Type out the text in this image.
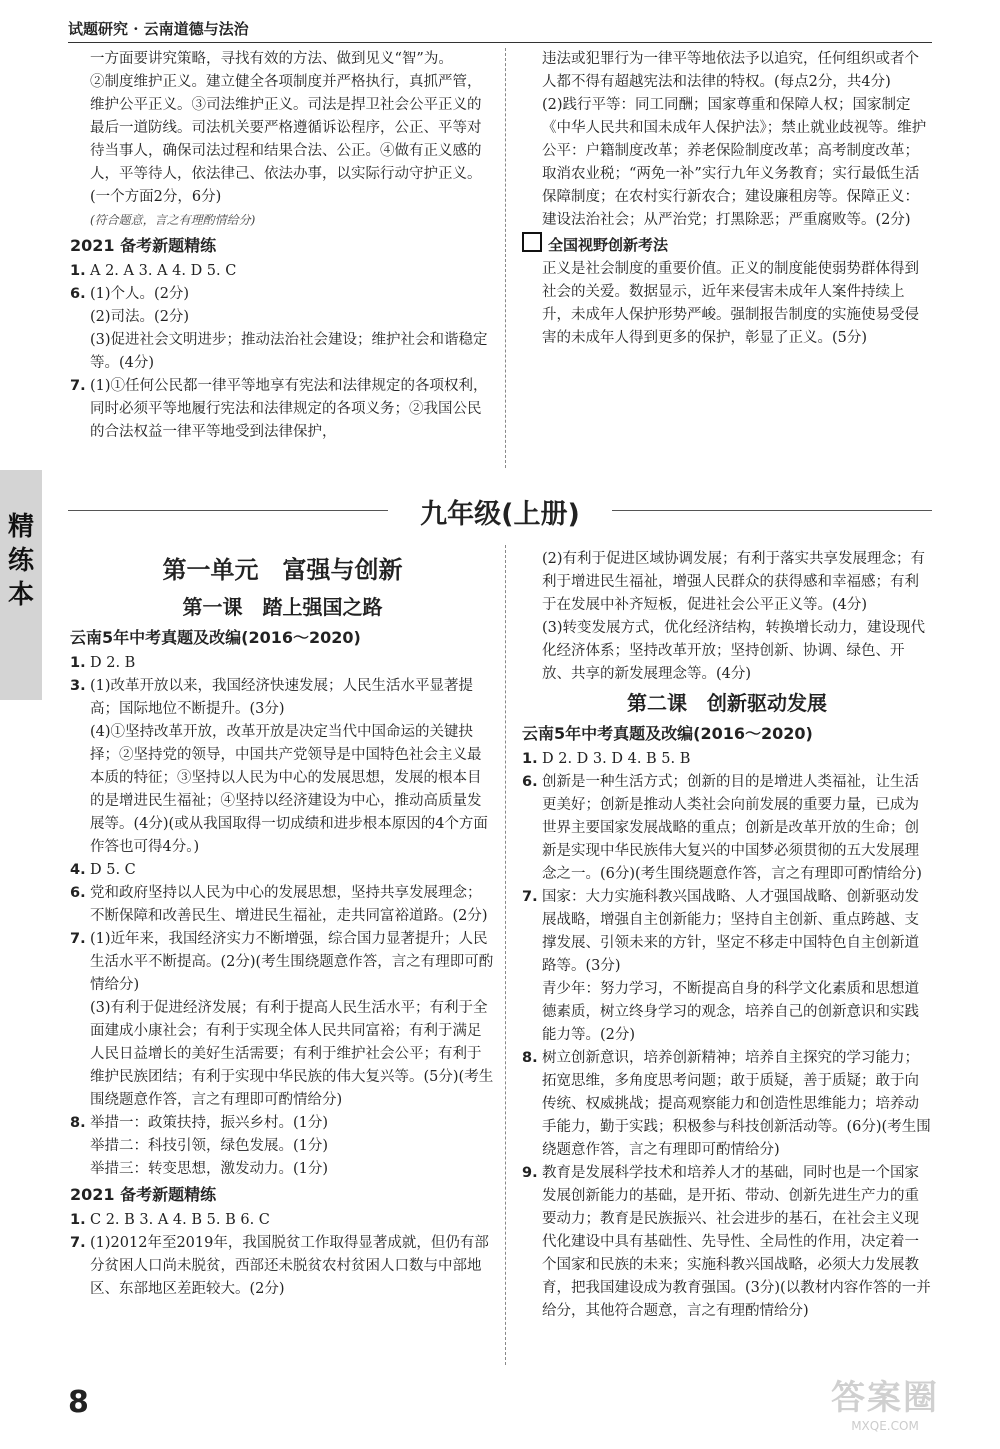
试题研究 · 云南道德与法治

一方面要讲究策略，寻找有效的方法、做到见义“智”为。

②制度维护正义。建立健全各项制度并严格执行，真抓严管，维护公平正义。③司法维护正义。司法是捍卫社会公平正义的最后一道防线。司法机关要严格遵循诉讼程序，公正、平等对待当事人，确保司法过程和结果合法、公正。④做有正义感的人，平等待人，依法律己、依法办事，以实际行动守护正义。(一个方面2分，6分)

(符合题意，言之有理酌情给分)

2021 备考新题精练

1. A 2. A 3. A 4. D 5. C

6. (1)个人。(2分)

(2)司法。(2分)

(3)促进社会文明进步；推动法治社会建设；维护社会和谐稳定等。(4分)

7. (1)①任何公民都一律平等地享有宪法和法律规定的各项权利，同时必须平等地履行宪法和法律规定的各项义务；②我国公民的合法权益一律平等地受到法律保护，

违法或犯罪行为一律平等地依法予以追究，任何组织或者个人都不得有超越宪法和法律的特权。(每点2分，共4分)

(2)践行平等：同工同酬；国家尊重和保障人权；国家制定《中华人民共和国未成年人保护法》；禁止就业歧视等。维护公平：户籍制度改革；养老保险制度改革；高考制度改革；取消农业税；“两免一补”实行九年义务教育；实行最低生活保障制度；在农村实行新农合；建设廉租房等。保障正义：建设法治社会；从严治党；打黑除恶；严重腐败等。(2分)

全国视野创新考法

正义是社会制度的重要价值。正义的制度能使弱势群体得到社会的关爱。数据显示，近年来侵害未成年人案件持续上升，未成年人保护形势严峻。强制报告制度的实施使易受侵害的未成年人得到更多的保护，彰显了正义。(5分)

九年级(上册)
精
练
本
第一单元　富强与创新
第一课　踏上强国之路
云南5年中考真题及改编(2016～2020)

1. D 2. B

3. (1)改革开放以来，我国经济快速发展；人民生活水平显著提高；国际地位不断提升。(3分)

(4)①坚持改革开放，改革开放是决定当代中国命运的关键抉择；②坚持党的领导，中国共产党领导是中国特色社会主义最本质的特征；③坚持以人民为中心的发展思想，发展的根本目的是增进民生福祉；④坚持以经济建设为中心，推动高质量发展等。(4分)(或从我国取得一切成绩和进步根本原因的4个方面作答也可得4分。)

4. D 5. C

6. 党和政府坚持以人民为中心的发展思想，坚持共享发展理念；不断保障和改善民生、增进民生福祉，走共同富裕道路。(2分)

7. (1)近年来，我国经济实力不断增强，综合国力显著提升；人民生活水平不断提高。(2分)(考生围绕题意作答，言之有理即可酌情给分)

(3)有利于促进经济发展；有利于提高人民生活水平；有利于全面建成小康社会；有利于实现全体人民共同富裕；有利于满足人民日益增长的美好生活需要；有利于维护社会公平；有利于维护民族团结；有利于实现中华民族的伟大复兴等。(5分)(考生围绕题意作答，言之有理即可酌情给分)

8. 举措一：政策扶持，振兴乡村。(1分)

举措二：科技引领，绿色发展。(1分)

举措三：转变思想，激发动力。(1分)

2021 备考新题精练

1. C 2. B 3. A 4. B 5. B 6. C

7. (1)2012年至2019年，我国脱贫工作取得显著成就，但仍有部分贫困人口尚未脱贫，西部还未脱贫农村贫困人口数与中部地区、东部地区差距较大。(2分)

(2)有利于促进区域协调发展；有利于落实共享发展理念；有利于增进民生福祉，增强人民群众的获得感和幸福感；有利于在发展中补齐短板，促进社会公平正义等。(4分)

(3)转变发展方式，优化经济结构，转换增长动力，建设现代化经济体系；坚持改革开放；坚持创新、协调、绿色、开放、共享的新发展理念等。(4分)

第二课　创新驱动发展
云南5年中考真题及改编(2016～2020)

1. D 2. D 3. D 4. B 5. B

6. 创新是一种生活方式；创新的目的是增进人类福祉，让生活更美好；创新是推动人类社会向前发展的重要力量，已成为世界主要国家发展战略的重点；创新是改革开放的生命；创新是实现中华民族伟大复兴的中国梦必须贯彻的五大发展理念之一。(6分)(考生围绕题意作答，言之有理即可酌情给分)

7. 国家：大力实施科教兴国战略、人才强国战略、创新驱动发展战略，增强自主创新能力；坚持自主创新、重点跨越、支撑发展、引领未来的方针，坚定不移走中国特色自主创新道路等。(3分)

青少年：努力学习，不断提高自身的科学文化素质和思想道德素质，树立终身学习的观念，培养自己的创新意识和实践能力等。(2分)

8. 树立创新意识，培养创新精神；培养自主探究的学习能力；拓宽思维，多角度思考问题；敢于质疑，善于质疑；敢于向传统、权威挑战；提高观察能力和创造性思维能力；培养动手能力，勤于实践；积极参与科技创新活动等。(6分)(考生围绕题意作答，言之有理即可酌情给分)

9. 教育是发展科学技术和培养人才的基础，同时也是一个国家发展创新能力的基础，是开拓、带动、创新先进生产力的重要动力；教育是民族振兴、社会进步的基石，在社会主义现代化建设中具有基础性、先导性、全局性的作用，决定着一个国家和民族的未来；实施科教兴国战略，必须大力发展教育，把我国建设成为教育强国。(3分)(以教材内容作答的一并给分，其他符合题意，言之有理酌情给分)

8	答案圈
MXQE.COM
